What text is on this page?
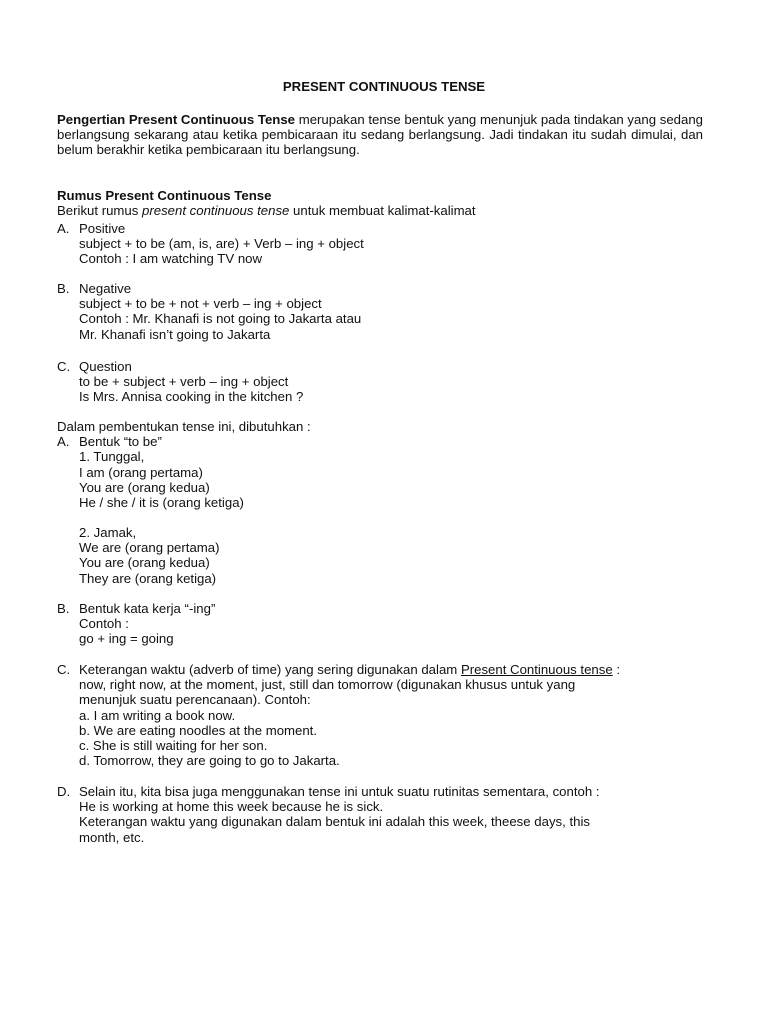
PRESENT CONTINUOUS TENSE
Pengertian Present Continuous Tense merupakan tense bentuk yang menunjuk pada tindakan yang sedang berlangsung sekarang atau ketika pembicaraan itu sedang berlangsung. Jadi tindakan itu sudah dimulai, dan belum berakhir ketika pembicaraan itu berlangsung.
Rumus Present Continuous Tense
Berikut rumus present continuous tense untuk membuat kalimat-kalimat
A. Positive
subject + to be (am, is, are) + Verb – ing + object
Contoh : I am watching TV now
B. Negative
subject + to be + not + verb – ing + object
Contoh : Mr. Khanafi is not going to Jakarta atau
Mr. Khanafi isn’t going to Jakarta
C. Question
to be + subject + verb – ing + object
Is Mrs. Annisa cooking in the kitchen ?
Dalam pembentukan tense ini, dibutuhkan :
A. Bentuk “to be”
1. Tunggal,
I am (orang pertama)
You are (orang kedua)
He / she / it is (orang ketiga)
2. Jamak,
We are (orang pertama)
You are (orang kedua)
They are (orang ketiga)
B. Bentuk kata kerja “-ing”
Contoh :
go + ing = going
C. Keterangan waktu (adverb of time) yang sering digunakan dalam Present Continuous tense :
now, right now, at the moment, just, still dan tomorrow (digunakan khusus untuk yang
menunjuk suatu perencanaan). Contoh:
a. I am writing a book now.
b. We are eating noodles at the moment.
c. She is still waiting for her son.
d. Tomorrow, they are going to go to Jakarta.
D. Selain itu, kita bisa juga menggunakan tense ini untuk suatu rutinitas sementara, contoh :
He is working at home this week because he is sick.
Keterangan waktu yang digunakan dalam bentuk ini adalah this week, theese days, this
month, etc.
